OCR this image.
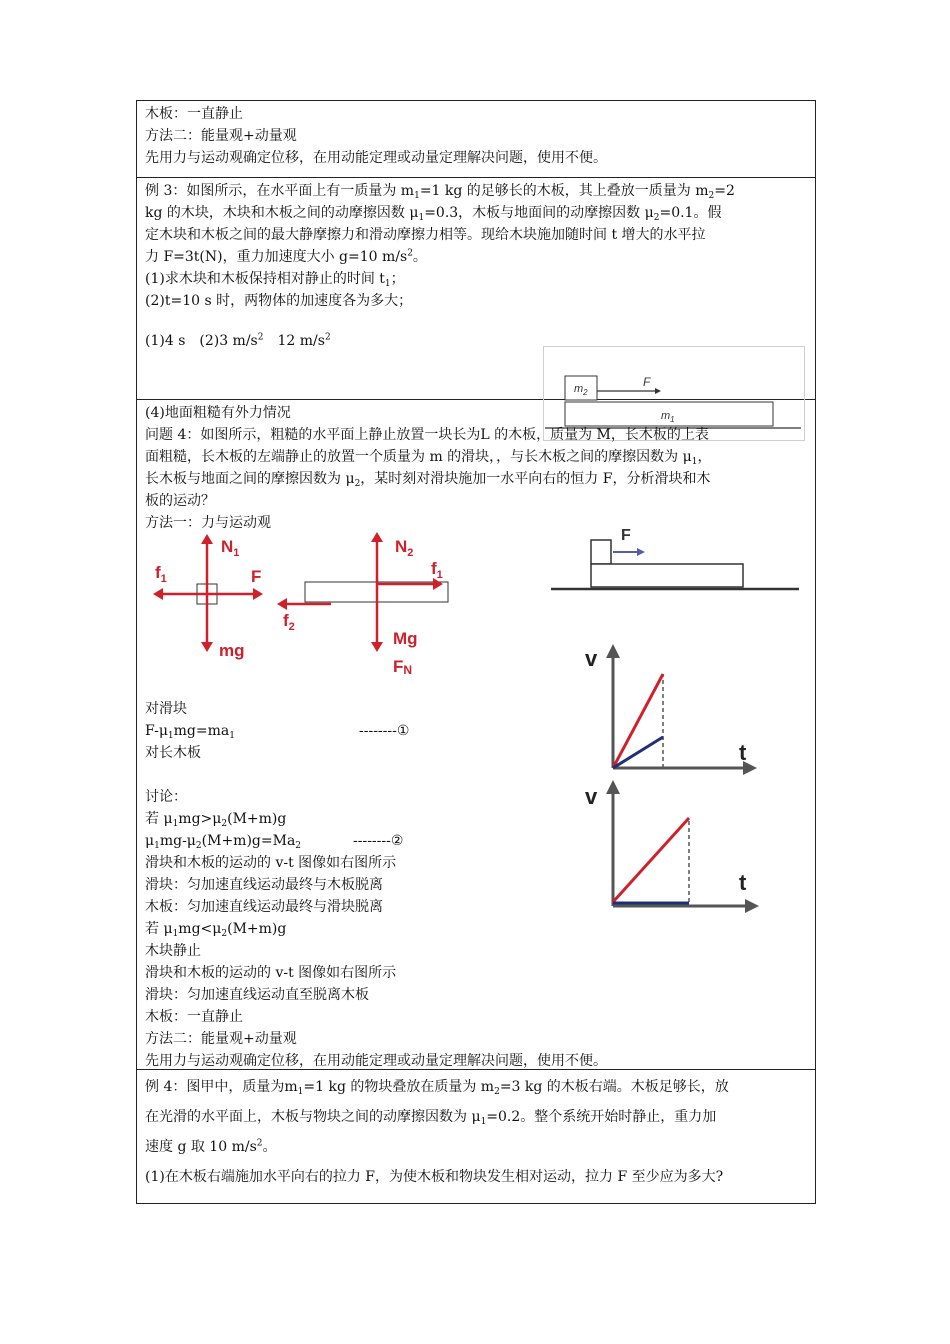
木板：一直静止
方法二：能量观+动量观
先用力与运动观确定位移，在用动能定理或动量定理解决问题，使用不便。
例 3：如图所示，在水平面上有一质量为 $m_1=1$ kg 的足够长的木板，其上叠放一质量为 $m_2=2$
kg 的木块，木块和木板之间的动摩擦因数 $\mu_1=0.3$，木板与地面间的动摩擦因数 $\mu_2=0.1$。假
定木块和木板之间的最大静摩擦力和滑动摩擦力相等。现给木块施加随时间 t 增大的水平拉
力 F=3t(N)，重力加速度大小 g=10 $m/s^2$。
(1)求木块和木板保持相对静止的时间 $t_1$；
(2)t=10 s 时，两物体的加速度各为多大；
(1)4 s　(2)3 $m/s^2$　12 $m/s^2$
$m_2$
F
$m_1$
(4)地面粗糙有外力情况
问题 4：如图所示，粗糙的水平面上静止放置一块长为L 的木板，质量为 M，长木板的上表
面粗糙，长木板的左端静止的放置一个质量为 m 的滑块，，与长木板之间的摩擦因数为 $\mu_1$，
长木板与地面之间的摩擦因数为 $\mu_2$，某时刻对滑块施加一水平向右的恒力 F，分析滑块和木
板的运动？
方法一：力与运动观
$N_1$
$f_1$	F
mg
$N_2$
$f_1$
$f_2$
Mg
FN
F
v
t
v
t
对滑块
$F-\mu_1mg=ma_1$	--------①
对长木板
讨论：
若 $\mu_1mg>\mu_2(M+m)g$
$\mu_1mg-\mu_2(M+m)g=Ma_2$	--------②
滑块和木板的运动的 v-t 图像如右图所示
滑块：匀加速直线运动最终与木板脱离
木板：匀加速直线运动最终与滑块脱离
若 $\mu_1mg<\mu_2(M+m)g$
木块静止
滑块和木板的运动的 v-t 图像如右图所示
滑块：匀加速直线运动直至脱离木板
木板：一直静止
方法二：能量观+动量观
先用力与运动观确定位移，在用动能定理或动量定理解决问题，使用不便。
例 4：图甲中，质量为$m_1=1$ kg 的物块叠放在质量为 $m_2=3$ kg 的木板右端。木板足够长，放
在光滑的水平面上，木板与物块之间的动摩擦因数为 $\mu_1=0.2$。整个系统开始时静止，重力加
速度 g 取 10 $m/s^2$。
(1)在木板右端施加水平向右的拉力 F，为使木板和物块发生相对运动，拉力 F 至少应为多大?
